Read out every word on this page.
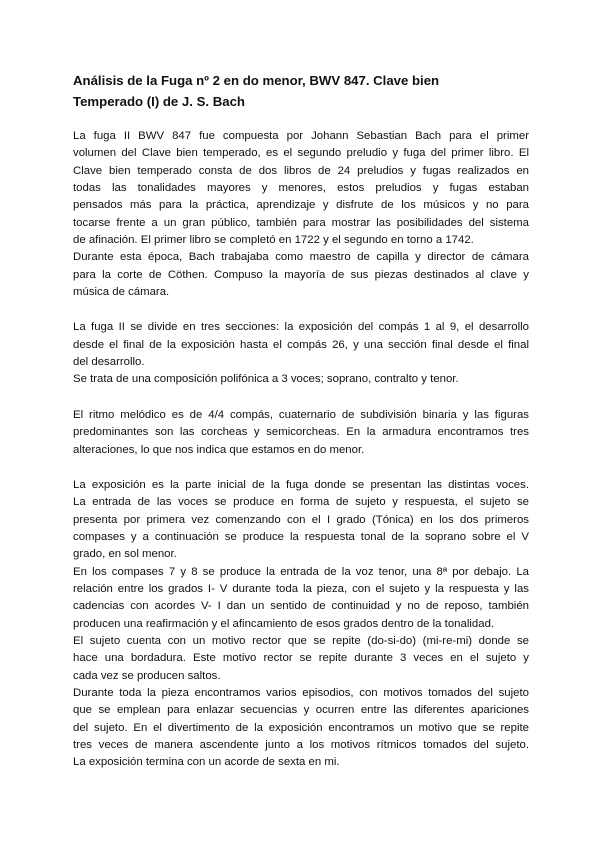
Análisis de la Fuga nº 2 en do menor, BWV 847. Clave bien
Temperado (I) de J. S. Bach
La fuga II BWV 847 fue compuesta por Johann Sebastian Bach para el primer
volumen del Clave bien temperado, es el segundo preludio y fuga del primer libro. El
Clave bien temperado consta de dos libros de 24 preludios y fugas realizados en
todas las tonalidades mayores y menores, estos preludios y fugas estaban
pensados más para la práctica, aprendizaje y disfrute de los músicos y no para
tocarse frente a un gran público, también para mostrar las posibilidades del sistema
de afinación. El primer libro se completó en 1722 y el segundo en torno a 1742.
Durante esta época, Bach trabajaba como maestro de capilla y director de cámara
para la corte de Cöthen. Compuso la mayoría de sus piezas destinados al clave y
música de cámara.
La fuga II se divide en tres secciones: la exposición del compás 1 al 9, el desarrollo
desde el final de la exposición hasta el compás 26, y una sección final desde el final
del desarrollo.
Se trata de una composición polifónica a 3 voces; soprano, contralto y tenor.
El ritmo melódico es de 4/4 compás, cuaternario de subdivisión binaria y las figuras
predominantes son las corcheas y semicorcheas. En la armadura encontramos tres
alteraciones, lo que nos indica que estamos en do menor.
La exposición es la parte inicial de la fuga donde se presentan las distintas voces.
La entrada de las voces se produce en forma de sujeto y respuesta, el sujeto se
presenta por primera vez comenzando con el I grado (Tónica) en los dos primeros
compases y a continuación se produce la respuesta tonal de la soprano sobre el V
grado, en sol menor.
En los compases 7 y 8 se produce la entrada de la voz tenor, una 8ª por debajo. La
relación entre los grados I- V durante toda la pieza, con el sujeto y la respuesta y las
cadencias con acordes V- I dan un sentido de continuidad y no de reposo, también
producen una reafirmación y el afincamiento de esos grados dentro de la tonalidad.
El sujeto cuenta con un motivo rector que se repite (do-si-do) (mi-re-mi) donde se
hace una bordadura. Este motivo rector se repite durante 3 veces en el sujeto y
cada vez se producen saltos.
Durante toda la pieza encontramos varios episodios, con motivos tomados del sujeto
que se emplean para enlazar secuencias y ocurren entre las diferentes apariciones
del sujeto. En el divertimento de la exposición encontramos un motivo que se repite
tres veces de manera ascendente junto a los motivos rítmicos tomados del sujeto.
La exposición termina con un acorde de sexta en mi.
